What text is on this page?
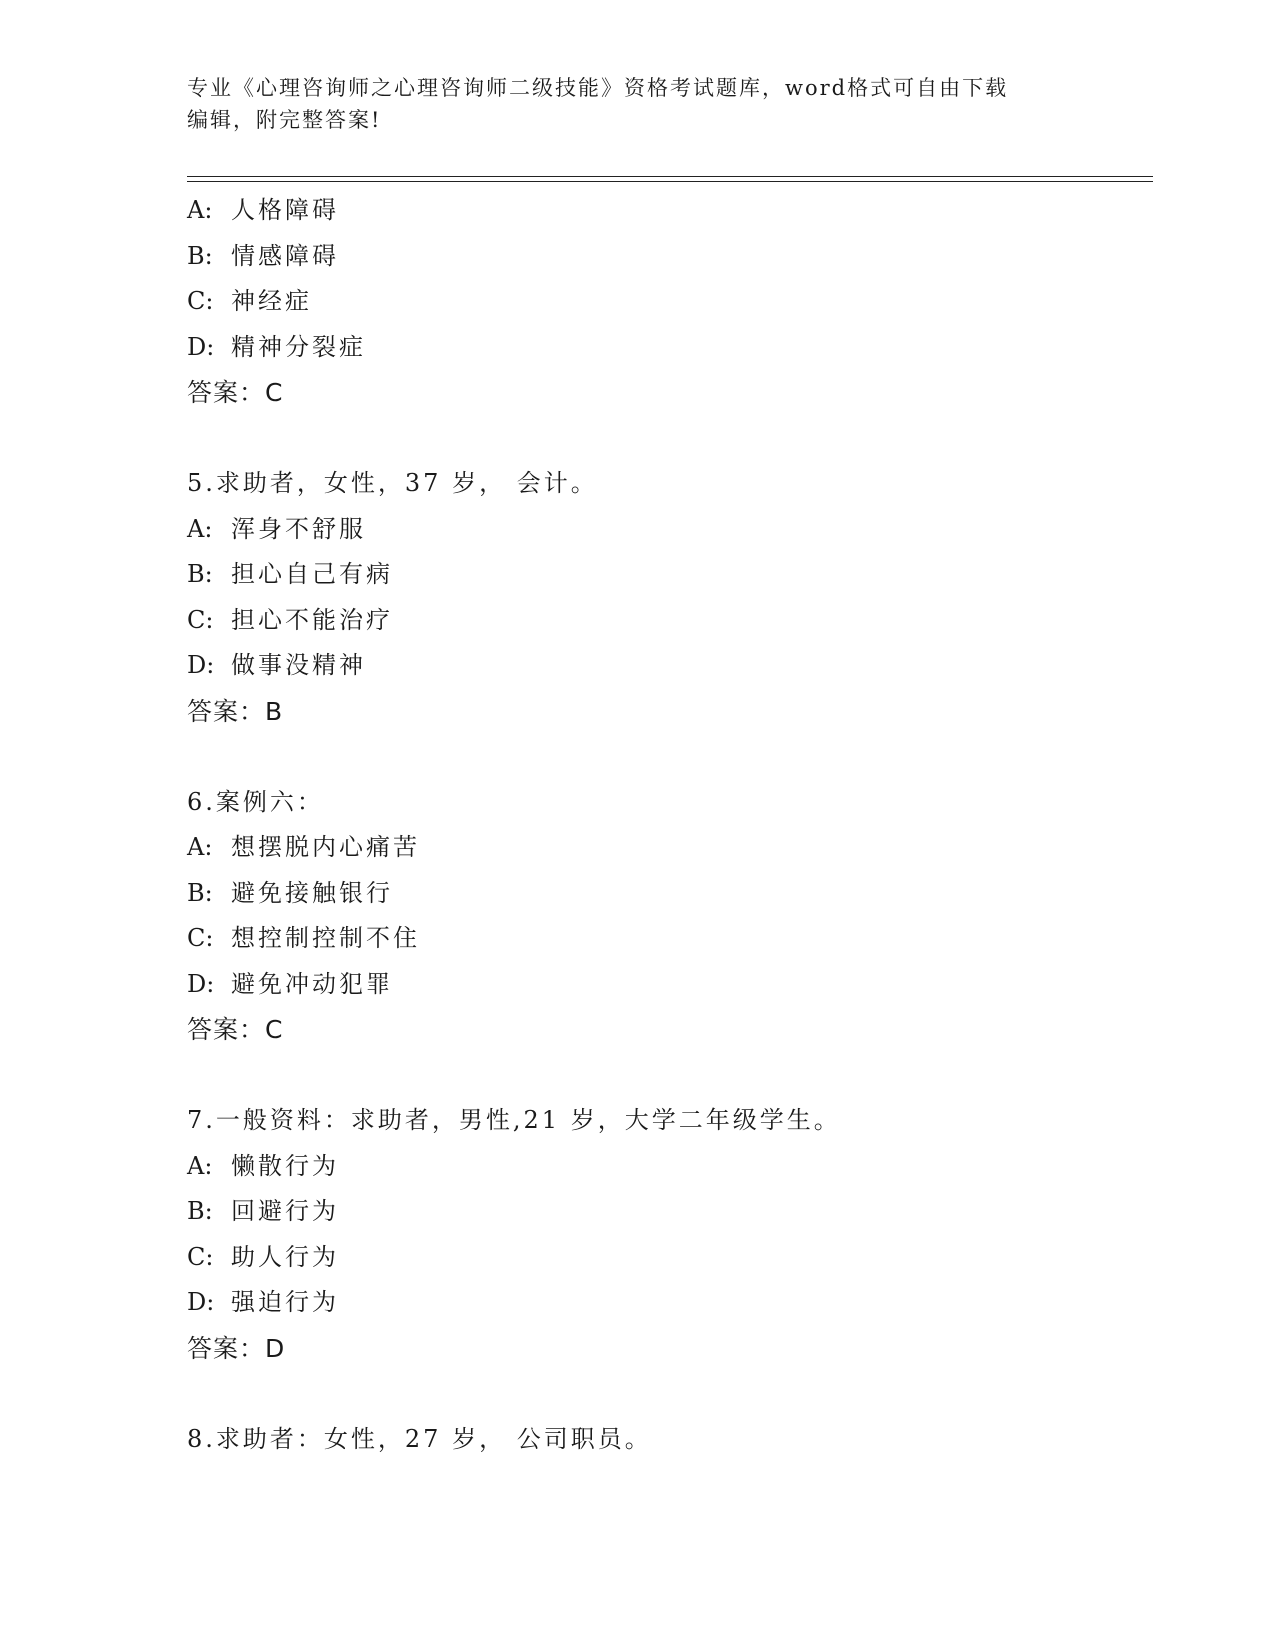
专业《心理咨询师之心理咨询师二级技能》资格考试题库，word格式可自由下载
编辑，附完整答案!
A: 人格障碍
B: 情感障碍
C: 神经症
D: 精神分裂症
答案：C
5.求助者，女性，37 岁， 会计。
A: 浑身不舒服
B: 担心自己有病
C: 担心不能治疗
D: 做事没精神
答案：B
6.案例六：
A: 想摆脱内心痛苦
B: 避免接触银行
C: 想控制控制不住
D: 避免冲动犯罪
答案：C
7.一般资料：求助者，男性,21 岁，大学二年级学生。
A: 懒散行为
B: 回避行为
C: 助人行为
D: 强迫行为
答案：D
8.求助者：女性，27 岁， 公司职员。
